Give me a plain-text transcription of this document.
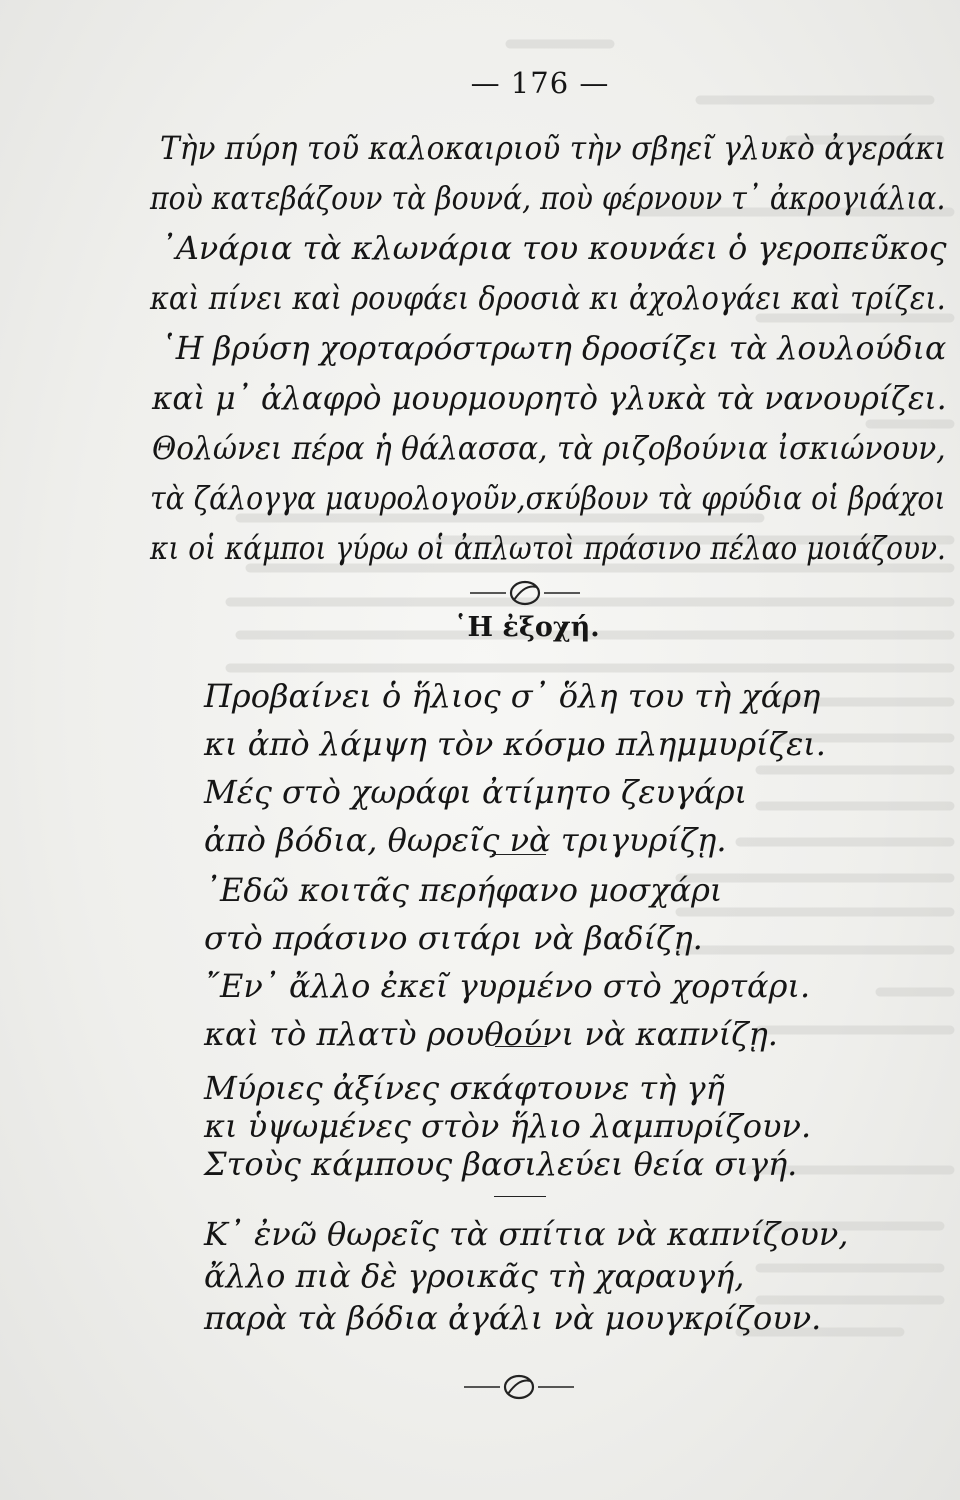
— 176 —
Τὴν πύρη τοῦ καλοκαιριοῦ τὴν σβηεῖ γλυκὸ ἀγεράκι
ποὺ κατεβάζουν τὰ βουνά, ποὺ φέρνουν τ᾽ ἀκρογιάλια.
᾽Ανάρια τὰ κλωνάρια του κουνάει ὁ γεροπεῦκος
καὶ πίνει καὶ ρουφάει δροσιὰ κι ἀχολογάει καὶ τρίζει.
῾Η βρύση χορταρόστρωτη δροσίζει τὰ λουλούδια
καὶ μ᾽ ἀλαφρὸ μουρμουρητὸ γλυκὰ τὰ νανουρίζει.
Θολώνει πέρα ἡ θάλασσα, τὰ ριζοβούνια ἰσκιώνουν,
τὰ ζάλογγα μαυρολογοῦν,σκύβουν τὰ φρύδια οἱ βράχοι
κι οἱ κάμποι γύρω οἱ ἀπλωτοὶ πράσινο πέλαο μοιάζουν.
῾Η ἐξοχή.
Προβαίνει ὁ ἥλιος σ᾽ ὅλη του τὴ χάρη
κι ἀπὸ λάμψη τὸν κόσμο πλημμυρίζει.
Μές στὸ χωράφι ἀτίμητο ζευγάρι
ἀπὸ βόδια, θωρεῖς νὰ τριγυρίζῃ.
᾽Εδῶ κοιτᾶς περήφανο μοσχάρι
στὸ πράσινο σιτάρι νὰ βαδίζῃ.
῎Εν᾽ ἄλλο ἐκεῖ γυρμένο στὸ χορτάρι.
καὶ τὸ πλατὺ ρουθούνι νὰ καπνίζῃ.
Μύριες ἀξίνες σκάφτουνε τὴ γῆ
κι ὑψωμένες στὸν ἥλιο λαμπυρίζουν.
Στοὺς κάμπους βασιλεύει θεία σιγή.
Κ᾽ ἐνῶ θωρεῖς τὰ σπίτια νὰ καπνίζουν,
ἄλλο πιὰ δὲ γροικᾶς τὴ χαραυγή,
παρὰ τὰ βόδια ἀγάλι νὰ μουγκρίζουν.
